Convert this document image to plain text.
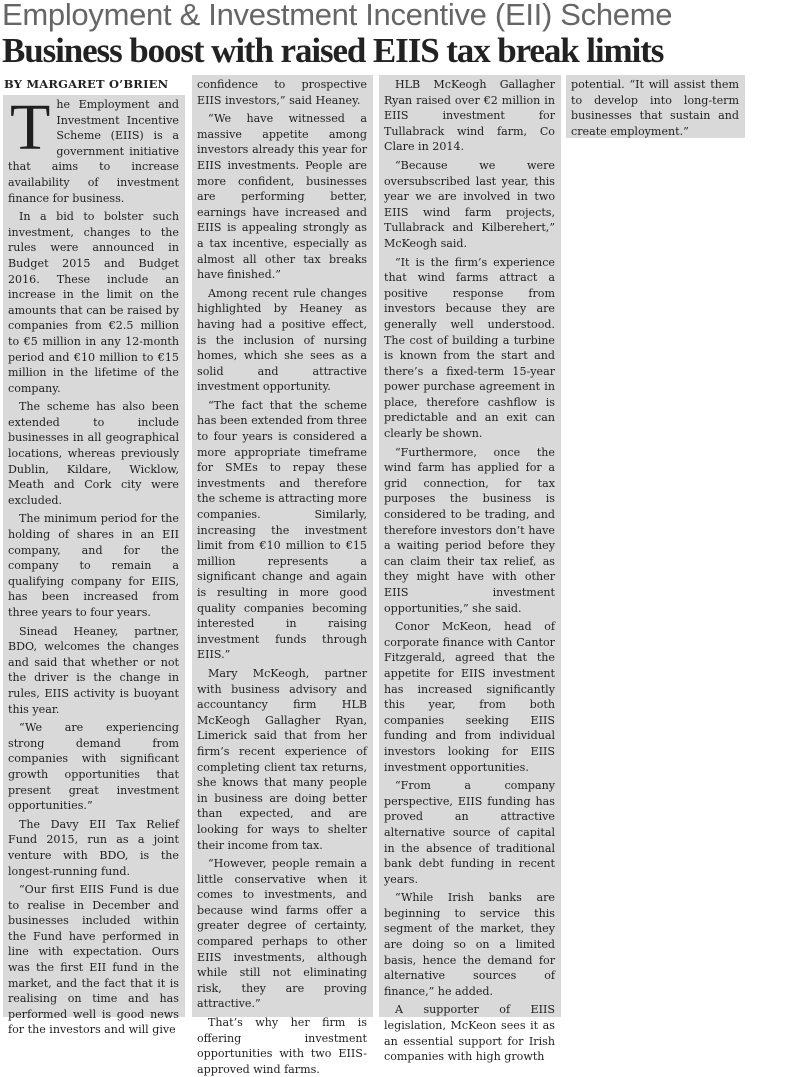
Employment & Investment Incentive (EII) Scheme
Business boost with raised EIIS tax break limits
BY MARGARET O’BRIEN
T he Employment and Investment Incentive Scheme (EIIS) is a government initiative that aims to increase availability of investment finance for business.

In a bid to bolster such investment, changes to the rules were announced in Budget 2015 and Budget 2016. These include an increase in the limit on the amounts that can be raised by companies from €2.5 million to €5 million in any 12-month period and €10 million to €15 million in the lifetime of the company.

The scheme has also been extended to include businesses in all geographical locations, whereas previously Dublin, Kildare, Wicklow, Meath and Cork city were excluded.

The minimum period for the holding of shares in an EII company, and for the company to remain a qualifying company for EIIS, has been increased from three years to four years.

Sinead Heaney, partner, BDO, welcomes the changes and said that whether or not the driver is the change in rules, EIIS activity is buoyant this year.

“We are experiencing strong demand from companies with significant growth opportunities that present great investment opportunities.”

The Davy EII Tax Relief Fund 2015, run as a joint venture with BDO, is the longest-running fund.

“Our first EIIS Fund is due to realise in December and businesses included within the Fund have performed in line with expectation. Ours was the first EII fund in the market, and the fact that it is realising on time and has performed well is good news for the investors and will give

confidence to prospective EIIS investors,” said Heaney.

“We have witnessed a massive appetite among investors already this year for EIIS investments. People are more confident, businesses are performing better, earnings have increased and EIIS is appealing strongly as a tax incentive, especially as almost all other tax breaks have finished.”

Among recent rule changes highlighted by Heaney as having had a positive effect, is the inclusion of nursing homes, which she sees as a solid and attractive investment opportunity.

“The fact that the scheme has been extended from three to four years is considered a more appropriate timeframe for SMEs to repay these investments and therefore the scheme is attracting more companies. Similarly, increasing the investment limit from €10 million to €15 million represents a significant change and again is resulting in more good quality companies becoming interested in raising investment funds through EIIS.”

Mary McKeogh, partner with business advisory and accountancy firm HLB McKeogh Gallagher Ryan, Limerick said that from her firm’s recent experience of completing client tax returns, she knows that many people in business are doing better than expected, and are looking for ways to shelter their income from tax.

“However, people remain a little conservative when it comes to investments, and because wind farms offer a greater degree of certainty, compared perhaps to other EIIS investments, although while still not eliminating risk, they are proving attractive.”

That’s why her firm is offering investment opportunities with two EIIS-approved wind farms.

HLB McKeogh Gallagher Ryan raised over €2 million in EIIS investment for Tullabrack wind farm, Co Clare in 2014.

“Because we were oversubscribed last year, this year we are involved in two EIIS wind farm projects, Tullabrack and Kilberehert,” McKeogh said.

“It is the firm’s experience that wind farms attract a positive response from investors because they are generally well understood. The cost of building a turbine is known from the start and there’s a fixed-term 15-year power purchase agreement in place, therefore cashflow is predictable and an exit can clearly be shown.

“Furthermore, once the wind farm has applied for a grid connection, for tax purposes the business is considered to be trading, and therefore investors don’t have a waiting period before they can claim their tax relief, as they might have with other EIIS investment opportunities,” she said.

Conor McKeon, head of corporate finance with Cantor Fitzgerald, agreed that the appetite for EIIS investment has increased significantly this year, from both companies seeking EIIS funding and from individual investors looking for EIIS investment opportunities.

“From a company perspective, EIIS funding has proved an attractive alternative source of capital in the absence of traditional bank debt funding in recent years.

“While Irish banks are beginning to service this segment of the market, they are doing so on a limited basis, hence the demand for alternative sources of finance,” he added.

A supporter of EIIS legislation, McKeon sees it as an essential support for Irish companies with high growth

potential. “It will assist them to develop into long-term businesses that sustain and create employment.”
